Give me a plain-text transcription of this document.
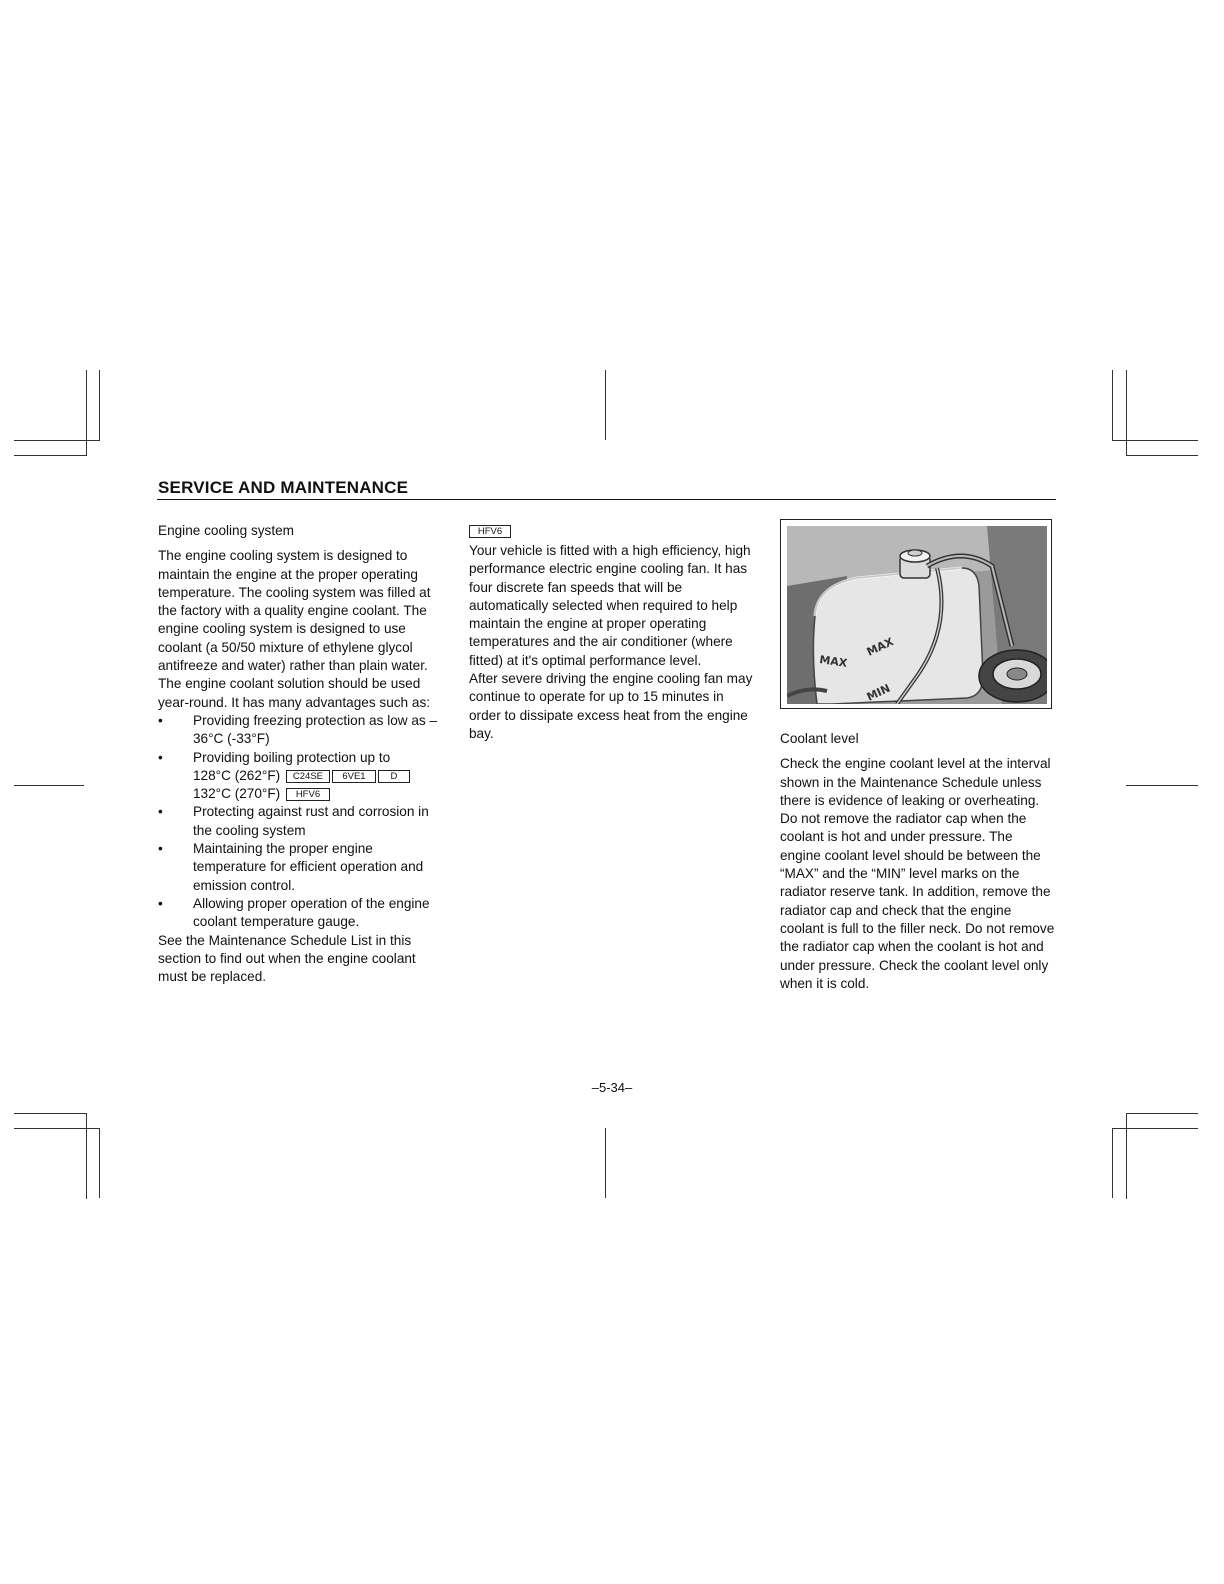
SERVICE AND MAINTENANCE

Engine cooling system

The engine cooling system is designed to maintain the engine at the proper operating temperature. The cooling system was filled at the factory with a quality engine coolant. The engine cooling system is designed to use coolant (a 50/50 mixture of ethylene glycol antifreeze and water) rather than plain water. The engine coolant solution should be used year-round. It has many advantages such as:

• Providing freezing protection as low as –36°C (-33°F)
• Providing boiling protection up to
128°C (262°F) C24SE 6VE1	D
132°C (270°F) HFV6
• Protecting against rust and corrosion in the cooling system
• Maintaining the proper engine temperature for efficient operation and emission control.
• Allowing proper operation of the engine coolant temperature gauge.

See the Maintenance Schedule List in this section to find out when the engine coolant must be replaced.

HFV6

Your vehicle is fitted with a high efficiency, high performance electric engine cooling fan. It has four discrete fan speeds that will be automatically selected when required to help maintain the engine at proper operating temperatures and the air conditioner (where fitted) at it's optimal performance level.

After severe driving the engine cooling fan may continue to operate for up to 15 minutes in order to dissipate excess heat from the engine bay.

MAX
MAX
MIN

Coolant level

Check the engine coolant level at the interval shown in the Maintenance Schedule unless there is evidence of leaking or overheating. Do not remove the radiator cap when the coolant is hot and under pressure. The engine coolant level should be between the “MAX” and the “MIN” level marks on the radiator reserve tank. In addition, remove the radiator cap and check that the engine coolant is full to the filler neck. Do not remove the radiator cap when the coolant is hot and under pressure. Check the coolant level only when it is cold.

–5-34–
